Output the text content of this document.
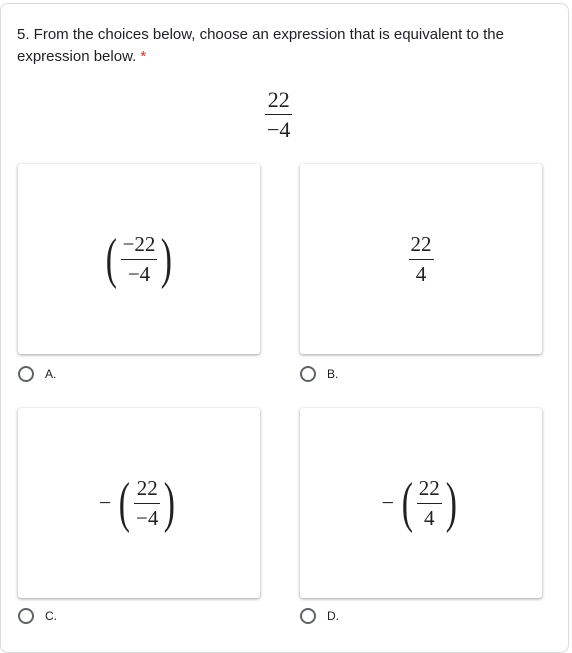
5. From the choices below, choose an expression that is equivalent to the expression below. *
$\frac{22}{-4}$
( $\frac{-22}{-4}$ )
A.
$\frac{22}{4}$
B.
− ( $\frac{22}{-4}$ )
C.
− ( $\frac{22}{4}$ )
D.
